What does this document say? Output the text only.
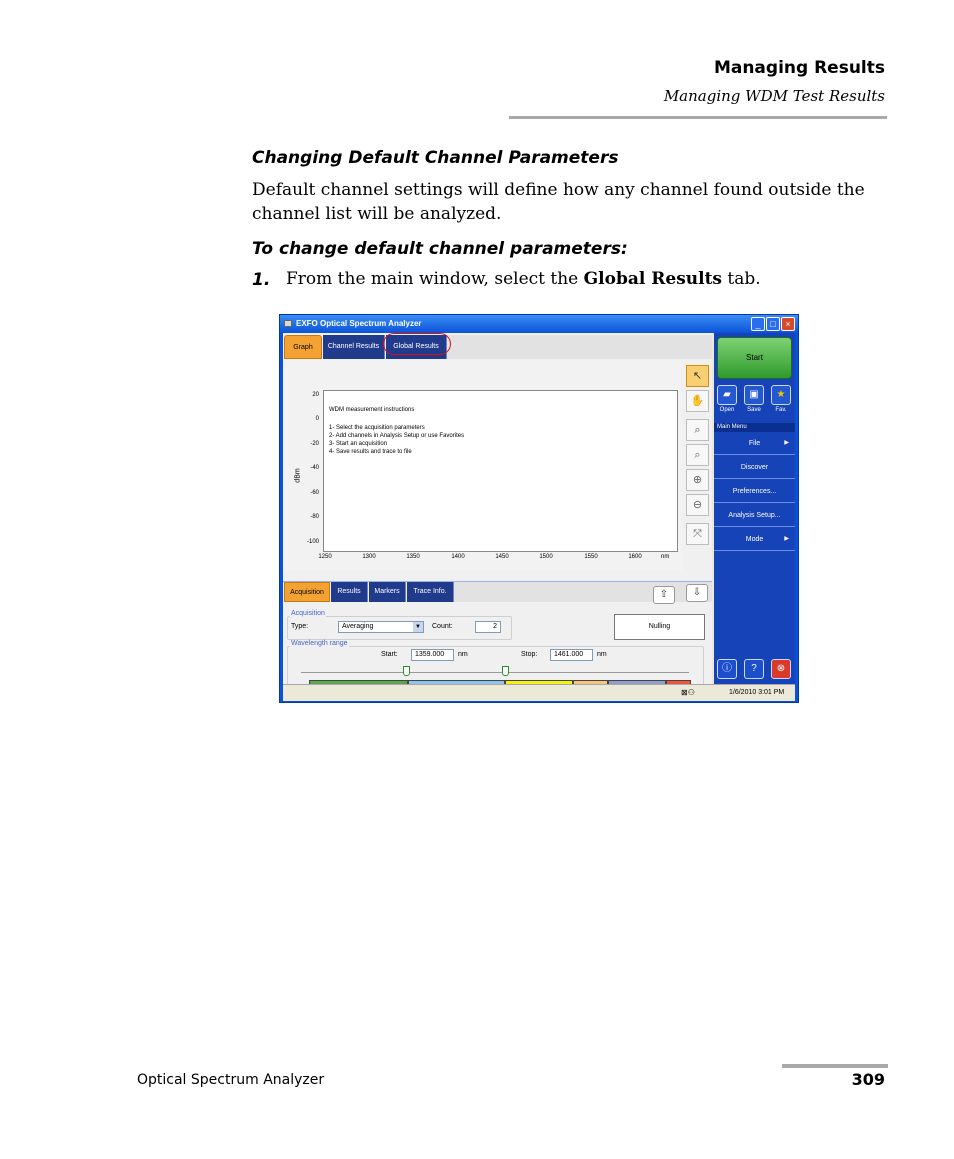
Managing Results
Managing WDM Test Results
Changing Default Channel Parameters
Default channel settings will define how any channel found outside the channel list will be analyzed.
To change default channel parameters:
1. From the main window, select the Global Results tab.
EXFO Optical Spectrum Analyzer	_	□	×
Graph	Channel Results	Global Results
dBm
20
0
-20
-40
-60
-80
-100
WDM measurement instructions
1- Select the acquisition parameters
2- Add channels in Analysis Setup or use Favorites
3- Start an acquisition
4- Save results and trace to file
1250	1300	1350	1400	1450	1500	1550	1600	nm
↖
✋
⌕
⌕
⊕
⊖
⤧
Acquisition	Results	Markers	Trace Info.	⇧	⇩
Acquisition
Type:	Averaging	▼ Count:	2	Nulling
Wavelength range
Start:	1359.000	nm	Stop:	1461.000	nm
Start
▰
Open
▣
Save
★
Fav.
Main Menu
File	▶
Discover
Preferences...
Analysis Setup...
Mode	▶
ⓘ	?	⊗
⊠⚇	1/6/2010 3:01 PM
Optical Spectrum Analyzer	309
